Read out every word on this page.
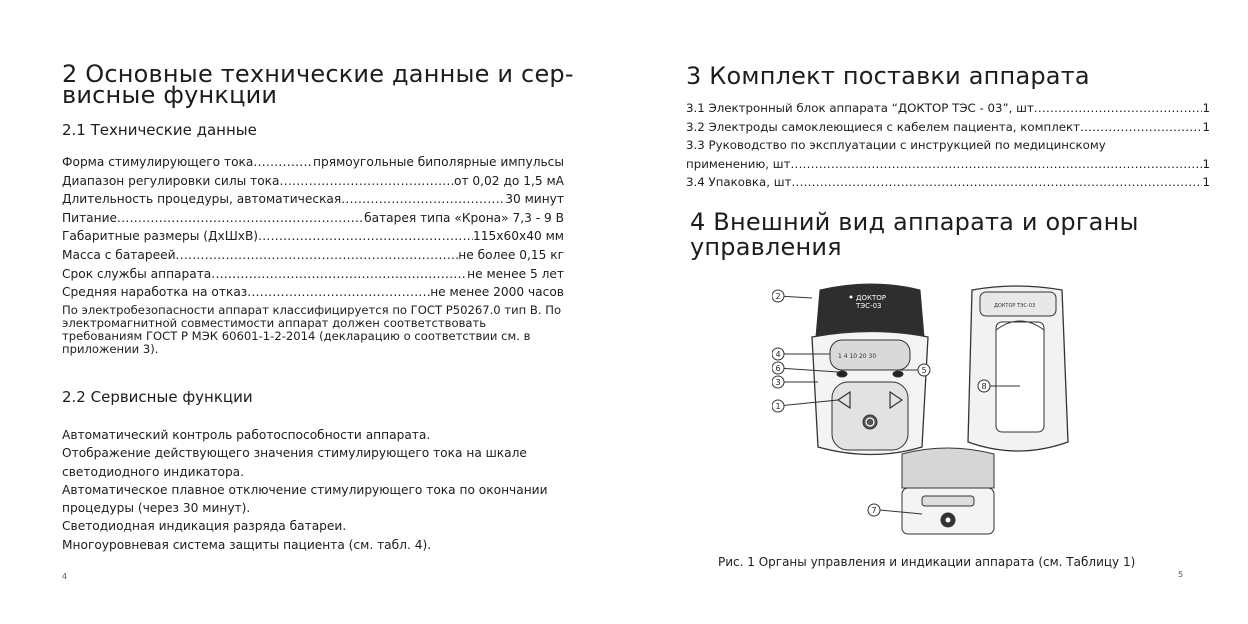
2 Основные технические данные и сер-висные функции
2.1 Технические данные
Форма стимулирующего тока .....	прямоугольные биполярные импульсы
Диапазон регулировки силы тока .....	от 0,02 до 1,5 мА
Длительность процедуры, автоматическая .....	30 минут
Питание .....	батарея типа «Крона» 7,3 - 9 В
Габаритные размеры (ДхШхВ) .....	115х60х40 мм
Масса с батареей .....	не более 0,15 кг
Срок службы аппарата .....	не менее 5 лет
Средняя наработка на отказ .....	не менее 2000 часов
По электробезопасности аппарат классифицируется по ГОСТ Р50267.0 тип В. По электромагнитной совместимости аппарат должен соответствовать требованиям ГОСТ Р МЭК 60601-1-2-2014 (декларацию о соответствии см. в приложении 3).
2.2 Сервисные функции
Автоматический контроль работоспособности аппарата.
Отображение действующего значения стимулирующего тока на шкале светодиодного индикатора.
Автоматическое плавное отключение стимулирующего тока по окончании процедуры (через 30 минут).
Светодиодная индикация разряда батареи.
Многоуровневая система защиты пациента (см. табл. 4).
4
3 Комплект поставки аппарата
3.1 Электронный блок аппарата “ДОКТОР ТЭС - 03”, шт .....	1
3.2 Электроды самоклеющиеся с кабелем пациента, комплект .....	1
3.3 Руководство по эксплуатации с инструкцией по медицинскому
применению, шт .....	1
3.4 Упаковка, шт .....	1
4 Внешний вид аппарата и органы управления
ДОКТОР
ТЭС-03
1 4 10 20 30
ДОКТОР ТЭС-03
1
2
3
4
5
6
7
8
Рис. 1 Органы управления и индикации аппарата (см. Таблицу 1)
5
